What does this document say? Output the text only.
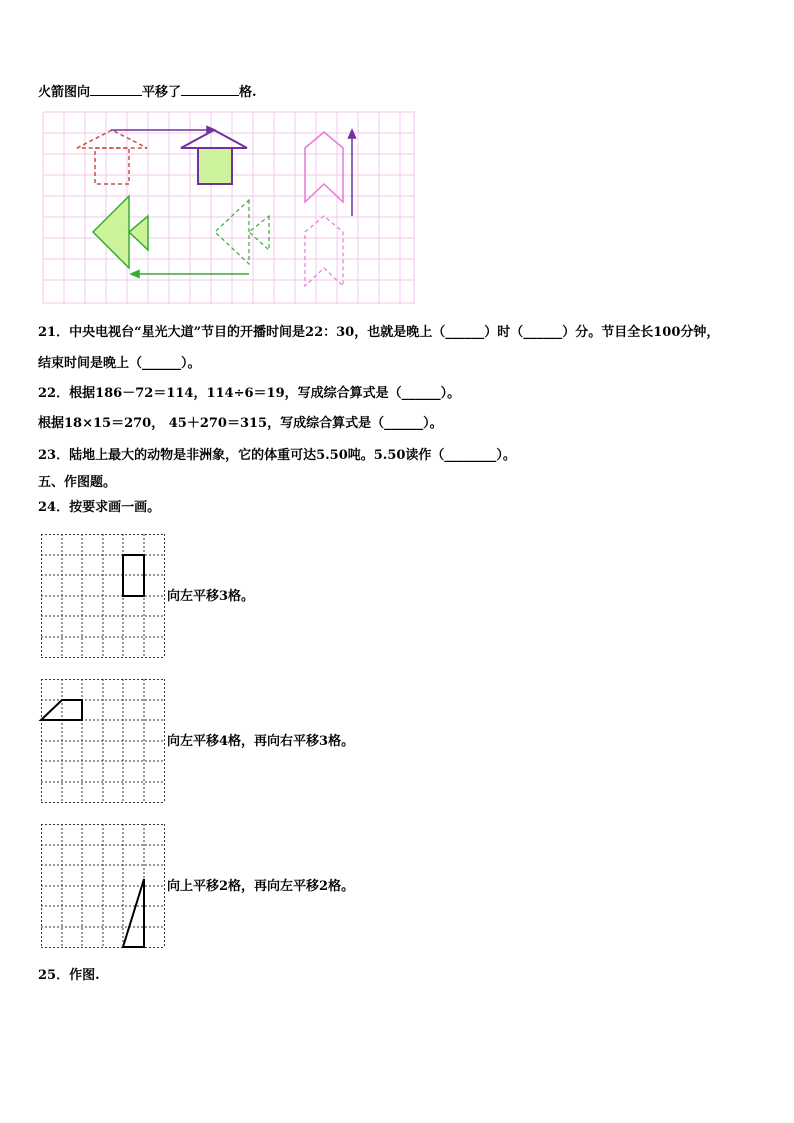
火箭图向	平移了	格.
21．中央电视台“星光大道”节目的开播时间是22：30，也就是晚上（______）时（______）分。节目全长100分钟，
结束时间是晚上（______）。
22．根据186－72＝114，114÷6＝19，写成综合算式是（______）。
根据18×15＝270， 45＋270＝315，写成综合算式是（______）。
23．陆地上最大的动物是非洲象，它的体重可达5.50吨。5.50读作（________）。
五、作图题。
24．按要求画一画。
向左平移3格。
向左平移4格，再向右平移3格。
向上平移2格，再向左平移2格。
25．作图.
